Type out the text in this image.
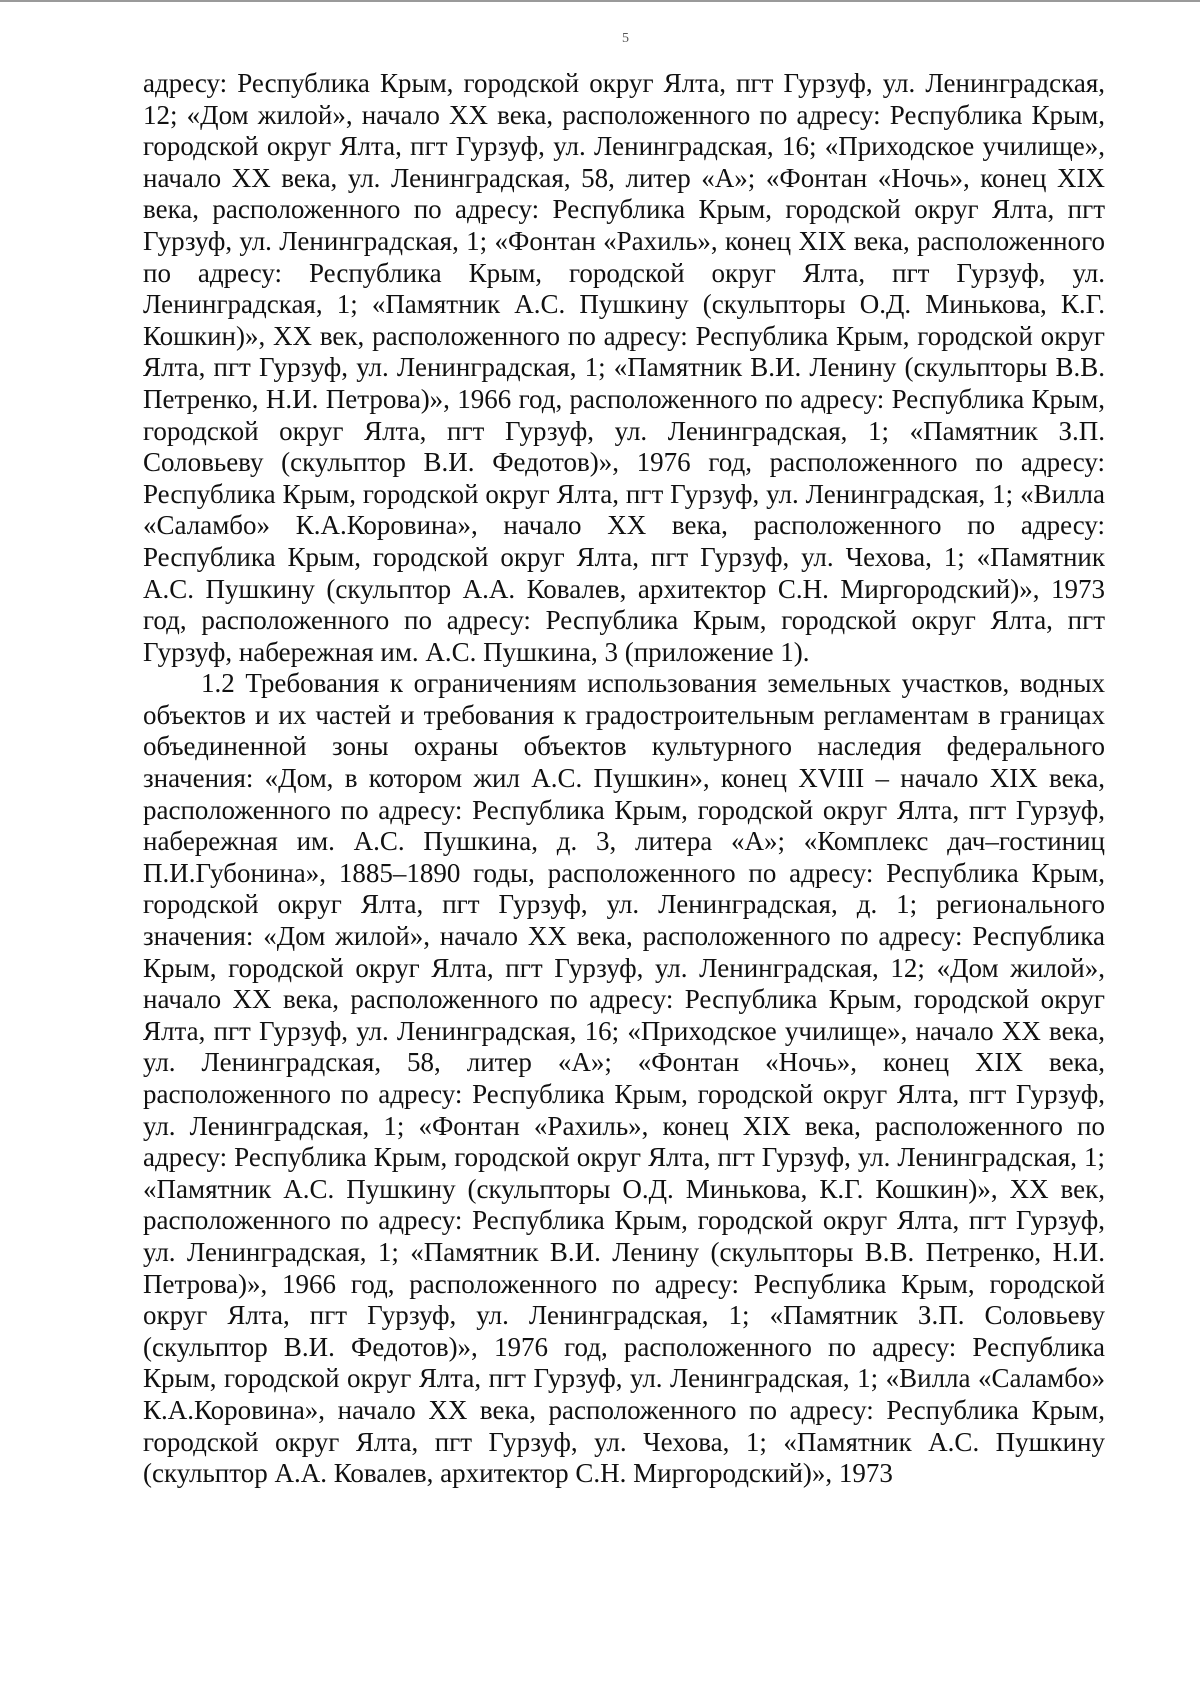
5

адресу: Республика Крым, городской округ Ялта, пгт Гурзуф, ул. Ленинградская, 12; «Дом жилой», начало XX века, расположенного по адресу: Республика Крым, городской округ Ялта, пгт Гурзуф, ул. Ленинградская, 16; «Приходское училище», начало XX века, ул. Ленинградская, 58, литер «А»; «Фонтан «Ночь», конец XIX века, расположенного по адресу: Республика Крым, городской округ Ялта, пгт Гурзуф, ул. Ленинградская, 1; «Фонтан «Рахиль», конец XIX века, расположенного по адресу: Республика Крым, городской округ Ялта, пгт Гурзуф, ул. Ленинградская, 1; «Памятник А.С. Пушкину (скульпторы О.Д. Минькова, К.Г. Кошкин)», XX век, расположенного по адресу: Республика Крым, городской округ Ялта, пгт Гурзуф, ул. Ленинградская, 1; «Памятник В.И. Ленину (скульпторы В.В. Петренко, Н.И. Петрова)», 1966 год, расположенного по адресу: Республика Крым, городской округ Ялта, пгт Гурзуф, ул. Ленинградская, 1; «Памятник З.П. Соловьеву (скульптор В.И. Федотов)», 1976 год, расположенного по адресу: Республика Крым, городской округ Ялта, пгт Гурзуф, ул. Ленинградская, 1; «Вилла «Саламбо» К.А.Коровина», начало XX века, расположенного по адресу: Республика Крым, городской округ Ялта, пгт Гурзуф, ул. Чехова, 1; «Памятник А.С. Пушкину (скульптор А.А. Ковалев, архитектор С.Н. Миргородский)», 1973 год, расположенного по адресу: Республика Крым, городской округ Ялта, пгт Гурзуф, набережная им. А.С. Пушкина, 3 (приложение 1).

1.2 Требования к ограничениям использования земельных участков, водных объектов и их частей и требования к градостроительным регламентам в границах объединенной зоны охраны объектов культурного наследия федерального значения: «Дом, в котором жил А.С. Пушкин», конец XVIII – начало XIX века, расположенного по адресу: Республика Крым, городской округ Ялта, пгт Гурзуф, набережная им. А.С. Пушкина, д. 3, литера «А»; «Комплекс дач–гостиниц П.И.Губонина», 1885–1890 годы, расположенного по адресу: Республика Крым, городской округ Ялта, пгт Гурзуф, ул. Ленинградская, д. 1; регионального значения: «Дом жилой», начало XX века, расположенного по адресу: Республика Крым, городской округ Ялта, пгт Гурзуф, ул. Ленинградская, 12; «Дом жилой», начало XX века, расположенного по адресу: Республика Крым, городской округ Ялта, пгт Гурзуф, ул. Ленинградская, 16; «Приходское училище», начало XX века, ул. Ленинградская, 58, литер «А»; «Фонтан «Ночь», конец XIX века, расположенного по адресу: Республика Крым, городской округ Ялта, пгт Гурзуф, ул. Ленинградская, 1; «Фонтан «Рахиль», конец XIX века, расположенного по адресу: Республика Крым, городской округ Ялта, пгт Гурзуф, ул. Ленинградская, 1; «Памятник А.С. Пушкину (скульпторы О.Д. Минькова, К.Г. Кошкин)», XX век, расположенного по адресу: Республика Крым, городской округ Ялта, пгт Гурзуф, ул. Ленинградская, 1; «Памятник В.И. Ленину (скульпторы В.В. Петренко, Н.И. Петрова)», 1966 год, расположенного по адресу: Республика Крым, городской округ Ялта, пгт Гурзуф, ул. Ленинградская, 1; «Памятник З.П. Соловьеву (скульптор В.И. Федотов)», 1976 год, расположенного по адресу: Республика Крым, городской округ Ялта, пгт Гурзуф, ул. Ленинградская, 1; «Вилла «Саламбо» К.А.Коровина», начало XX века, расположенного по адресу: Республика Крым, городской округ Ялта, пгт Гурзуф, ул. Чехова, 1; «Памятник А.С. Пушкину (скульптор А.А. Ковалев, архитектор С.Н. Миргородский)», 1973
